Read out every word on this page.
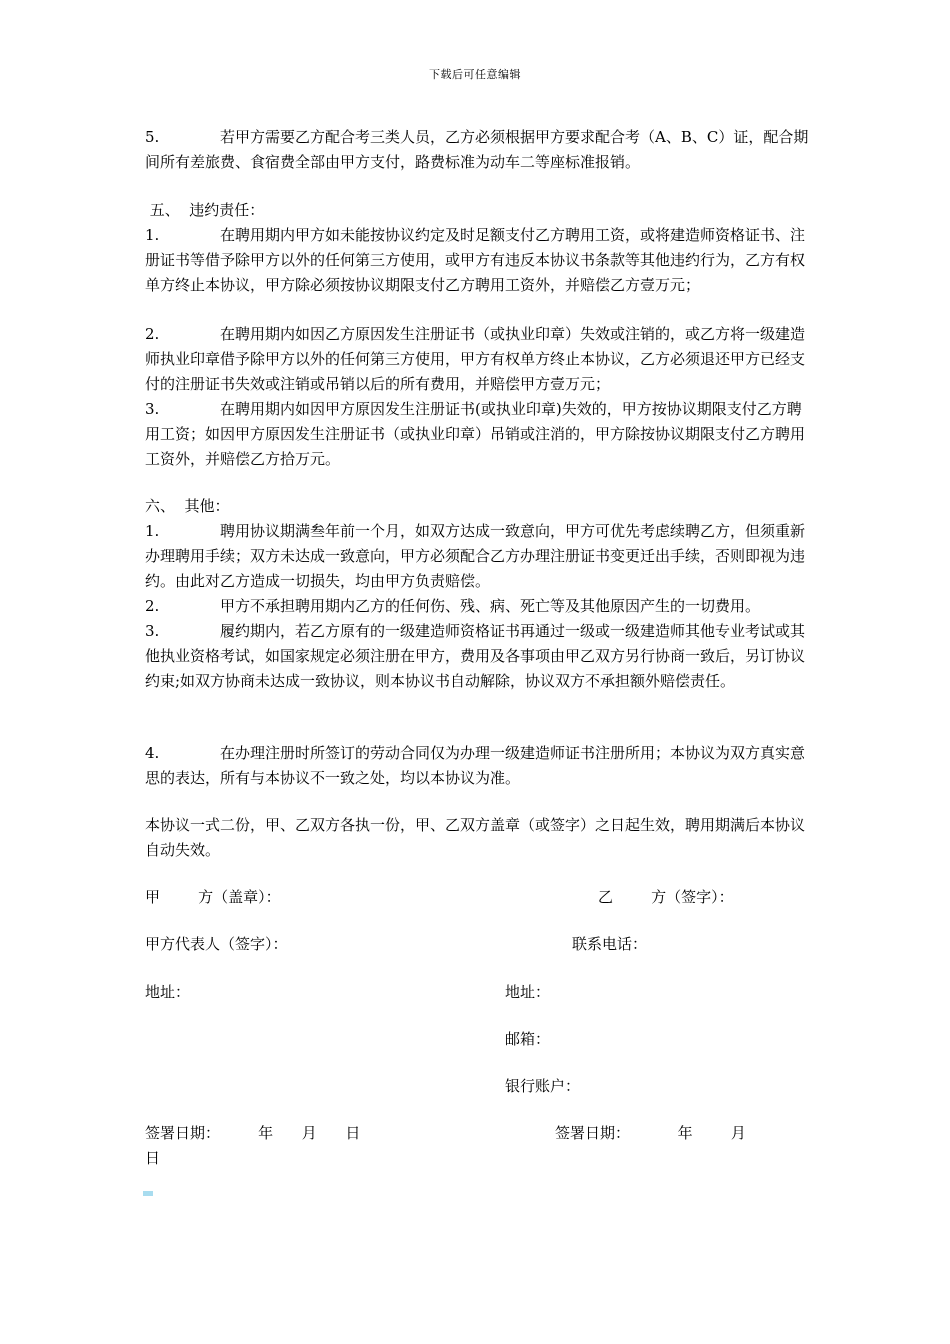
下载后可任意编辑

5.	若甲方需要乙方配合考三类人员，乙方必须根据甲方要求配合考（A、B、C）证，配合期间所有差旅费、食宿费全部由甲方支付，路费标准为动车二等座标准报销。

五、  违约责任：

1.	在聘用期内甲方如未能按协议约定及时足额支付乙方聘用工资，或将建造师资格证书、注册证书等借予除甲方以外的任何第三方使用，或甲方有违反本协议书条款等其他违约行为，乙方有权单方终止本协议，甲方除必须按协议期限支付乙方聘用工资外，并赔偿乙方壹万元；

2.	在聘用期内如因乙方原因发生注册证书（或执业印章）失效或注销的，或乙方将一级建造师执业印章借予除甲方以外的任何第三方使用，甲方有权单方终止本协议，乙方必须退还甲方已经支付的注册证书失效或注销或吊销以后的所有费用，并赔偿甲方壹万元；

3.	在聘用期内如因甲方原因发生注册证书(或执业印章)失效的，甲方按协议期限支付乙方聘用工资；如因甲方原因发生注册证书（或执业印章）吊销或注消的，甲方除按协议期限支付乙方聘用工资外，并赔偿乙方拾万元。

六、  其他：

1.	聘用协议期满叁年前一个月，如双方达成一致意向，甲方可优先考虑续聘乙方，但须重新办理聘用手续；双方未达成一致意向，甲方必须配合乙方办理注册证书变更迁出手续，否则即视为违约。由此对乙方造成一切损失，均由甲方负责赔偿。

2.	甲方不承担聘用期内乙方的任何伤、残、病、死亡等及其他原因产生的一切费用。

3.	履约期内，若乙方原有的一级建造师资格证书再通过一级或一级建造师其他专业考试或其他执业资格考试，如国家规定必须注册在甲方，费用及各事项由甲乙双方另行协商一致后，另订协议约束;如双方协商未达成一致协议，则本协议书自动解除，协议双方不承担额外赔偿责任。

4.	在办理注册时所签订的劳动合同仅为办理一级建造师证书注册所用；本协议为双方真实意思的表达，所有与本协议不一致之处，均以本协议为准。

本协议一式二份，甲、乙双方各执一份，甲、乙双方盖章（或签字）之日起生效，聘用期满后本协议自动失效。

甲        方（盖章）：	乙        方（签字）：
甲方代表人（签字）：	联系电话：
地址：	地址：
邮箱：
银行账户：
签署日期：        年      月      日	签署日期：          年        月
日
